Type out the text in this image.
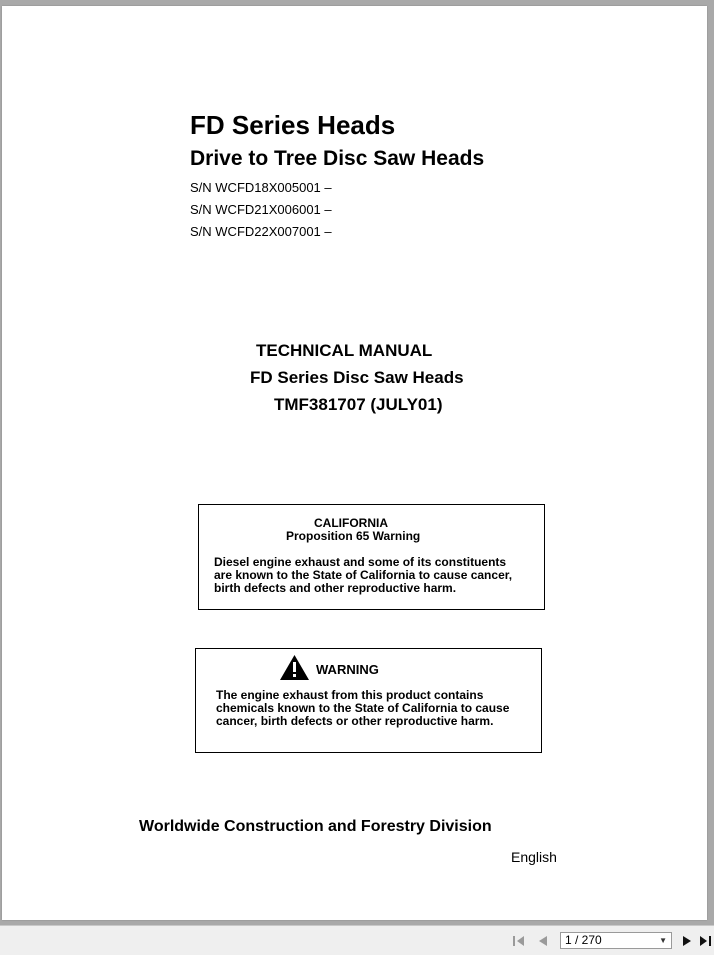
FD Series Heads
Drive to Tree Disc Saw Heads
S/N WCFD18X005001 –
S/N WCFD21X006001 –
S/N WCFD22X007001 –
TECHNICAL MANUAL
FD Series Disc Saw Heads
TMF381707 (JULY01)
CALIFORNIA
Proposition 65 Warning
Diesel engine exhaust and some of its constituents
are known to the State of California to cause cancer,
birth defects and other reproductive harm.
WARNING
The engine exhaust from this product contains
chemicals known to the State of California to cause
cancer, birth defects or other reproductive harm.
Worldwide Construction and Forestry Division
English
1 / 270	▼
